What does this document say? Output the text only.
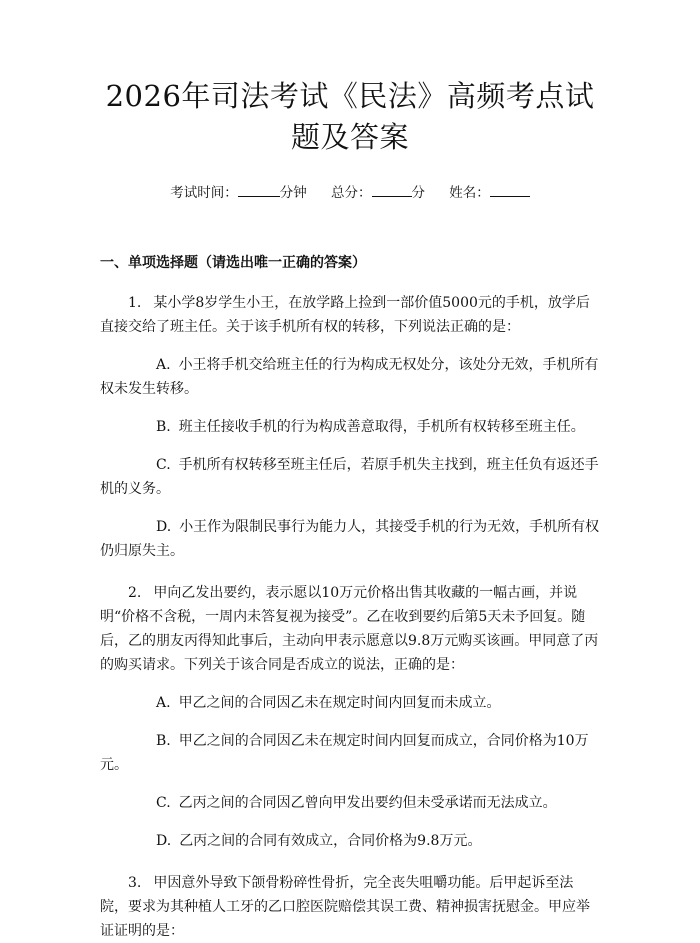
2026年司法考试《民法》高频考点试题及答案
考试时间：	分钟 总分：	分 姓名：
一、单项选择题（请选出唯一正确的答案）

1. 某小学8岁学生小王，在放学路上捡到一部价值5000元的手机，放学后直接交给了班主任。关于该手机所有权的转移，下列说法正确的是：

A. 小王将手机交给班主任的行为构成无权处分，该处分无效，手机所有权未发生转移。

B. 班主任接收手机的行为构成善意取得，手机所有权转移至班主任。

C. 手机所有权转移至班主任后，若原手机失主找到，班主任负有返还手机的义务。

D. 小王作为限制民事行为能力人，其接受手机的行为无效，手机所有权仍归原失主。

2. 甲向乙发出要约，表示愿以10万元价格出售其收藏的一幅古画，并说明“价格不含税，一周内未答复视为接受”。乙在收到要约后第5天未予回复。随后，乙的朋友丙得知此事后，主动向甲表示愿意以9.8万元购买该画。甲同意了丙的购买请求。下列关于该合同是否成立的说法，正确的是：

A. 甲乙之间的合同因乙未在规定时间内回复而未成立。

B. 甲乙之间的合同因乙未在规定时间内回复而成立，合同价格为10万元。

C. 乙丙之间的合同因乙曾向甲发出要约但未受承诺而无法成立。

D. 乙丙之间的合同有效成立，合同价格为9.8万元。

3. 甲因意外导致下颌骨粉碎性骨折，完全丧失咀嚼功能。后甲起诉至法院，要求为其种植人工牙的乙口腔医院赔偿其误工费、精神损害抚慰金。甲应举证证明的是：
